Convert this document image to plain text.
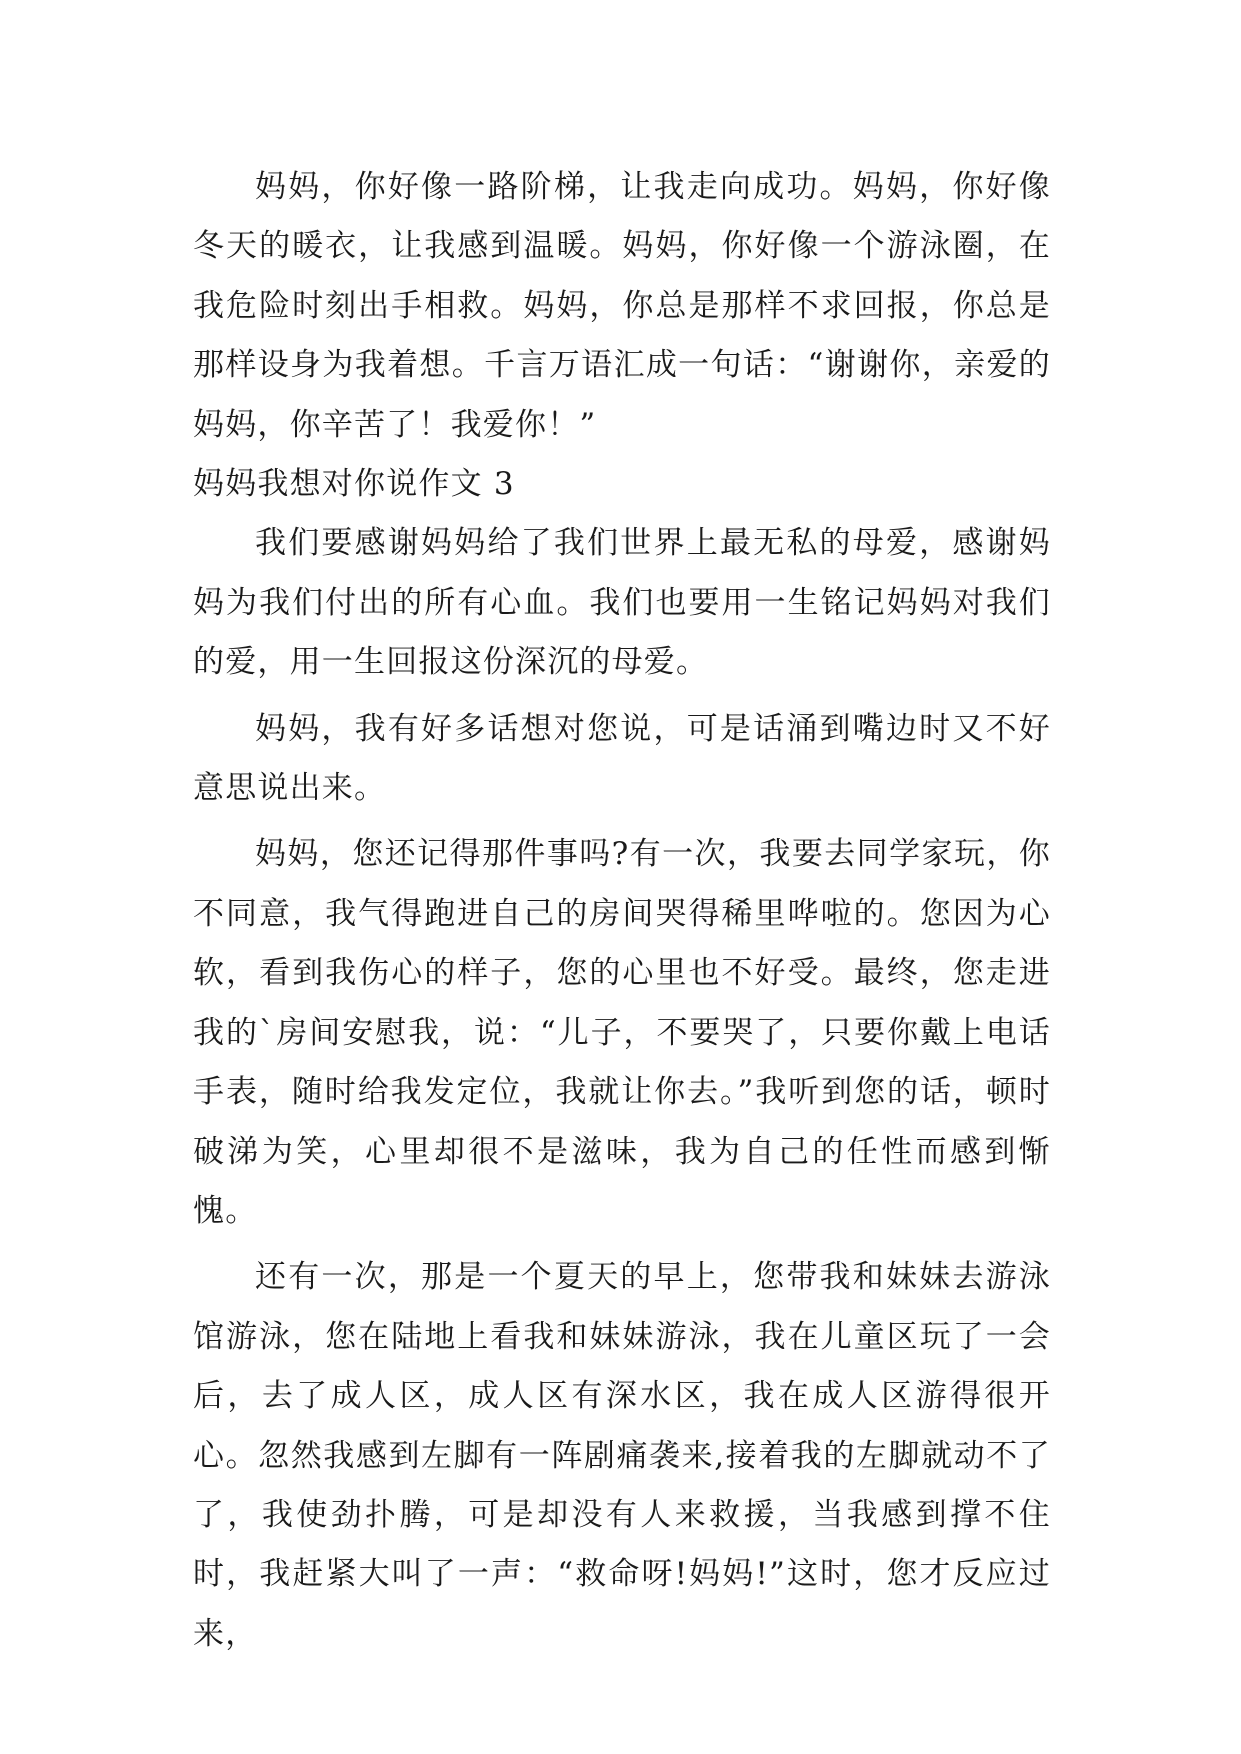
妈妈，你好像一路阶梯，让我走向成功。妈妈，你好像冬天的暖衣，让我感到温暖。妈妈，你好像一个游泳圈，在我危险时刻出手相救。妈妈，你总是那样不求回报，你总是那样设身为我着想。千言万语汇成一句话：“谢谢你，亲爱的妈妈，你辛苦了！我爱你！”

妈妈我想对你说作文 3

我们要感谢妈妈给了我们世界上最无私的母爱，感谢妈妈为我们付出的所有心血。我们也要用一生铭记妈妈对我们的爱，用一生回报这份深沉的母爱。

妈妈，我有好多话想对您说，可是话涌到嘴边时又不好意思说出来。

妈妈，您还记得那件事吗?有一次，我要去同学家玩，你不同意，我气得跑进自己的房间哭得稀里哗啦的。您因为心软，看到我伤心的样子，您的心里也不好受。最终，您走进我的`房间安慰我，说：“儿子，不要哭了，只要你戴上电话手表，随时给我发定位，我就让你去。”我听到您的话，顿时破涕为笑，心里却很不是滋味，我为自己的任性而感到惭愧。

还有一次，那是一个夏天的早上，您带我和妹妹去游泳馆游泳，您在陆地上看我和妹妹游泳，我在儿童区玩了一会后，去了成人区，成人区有深水区，我在成人区游得很开心。忽然我感到左脚有一阵剧痛袭来,接着我的左脚就动不了了，我使劲扑腾，可是却没有人来救援，当我感到撑不住时，我赶紧大叫了一声：“救命呀!妈妈!”这时，您才反应过来，
